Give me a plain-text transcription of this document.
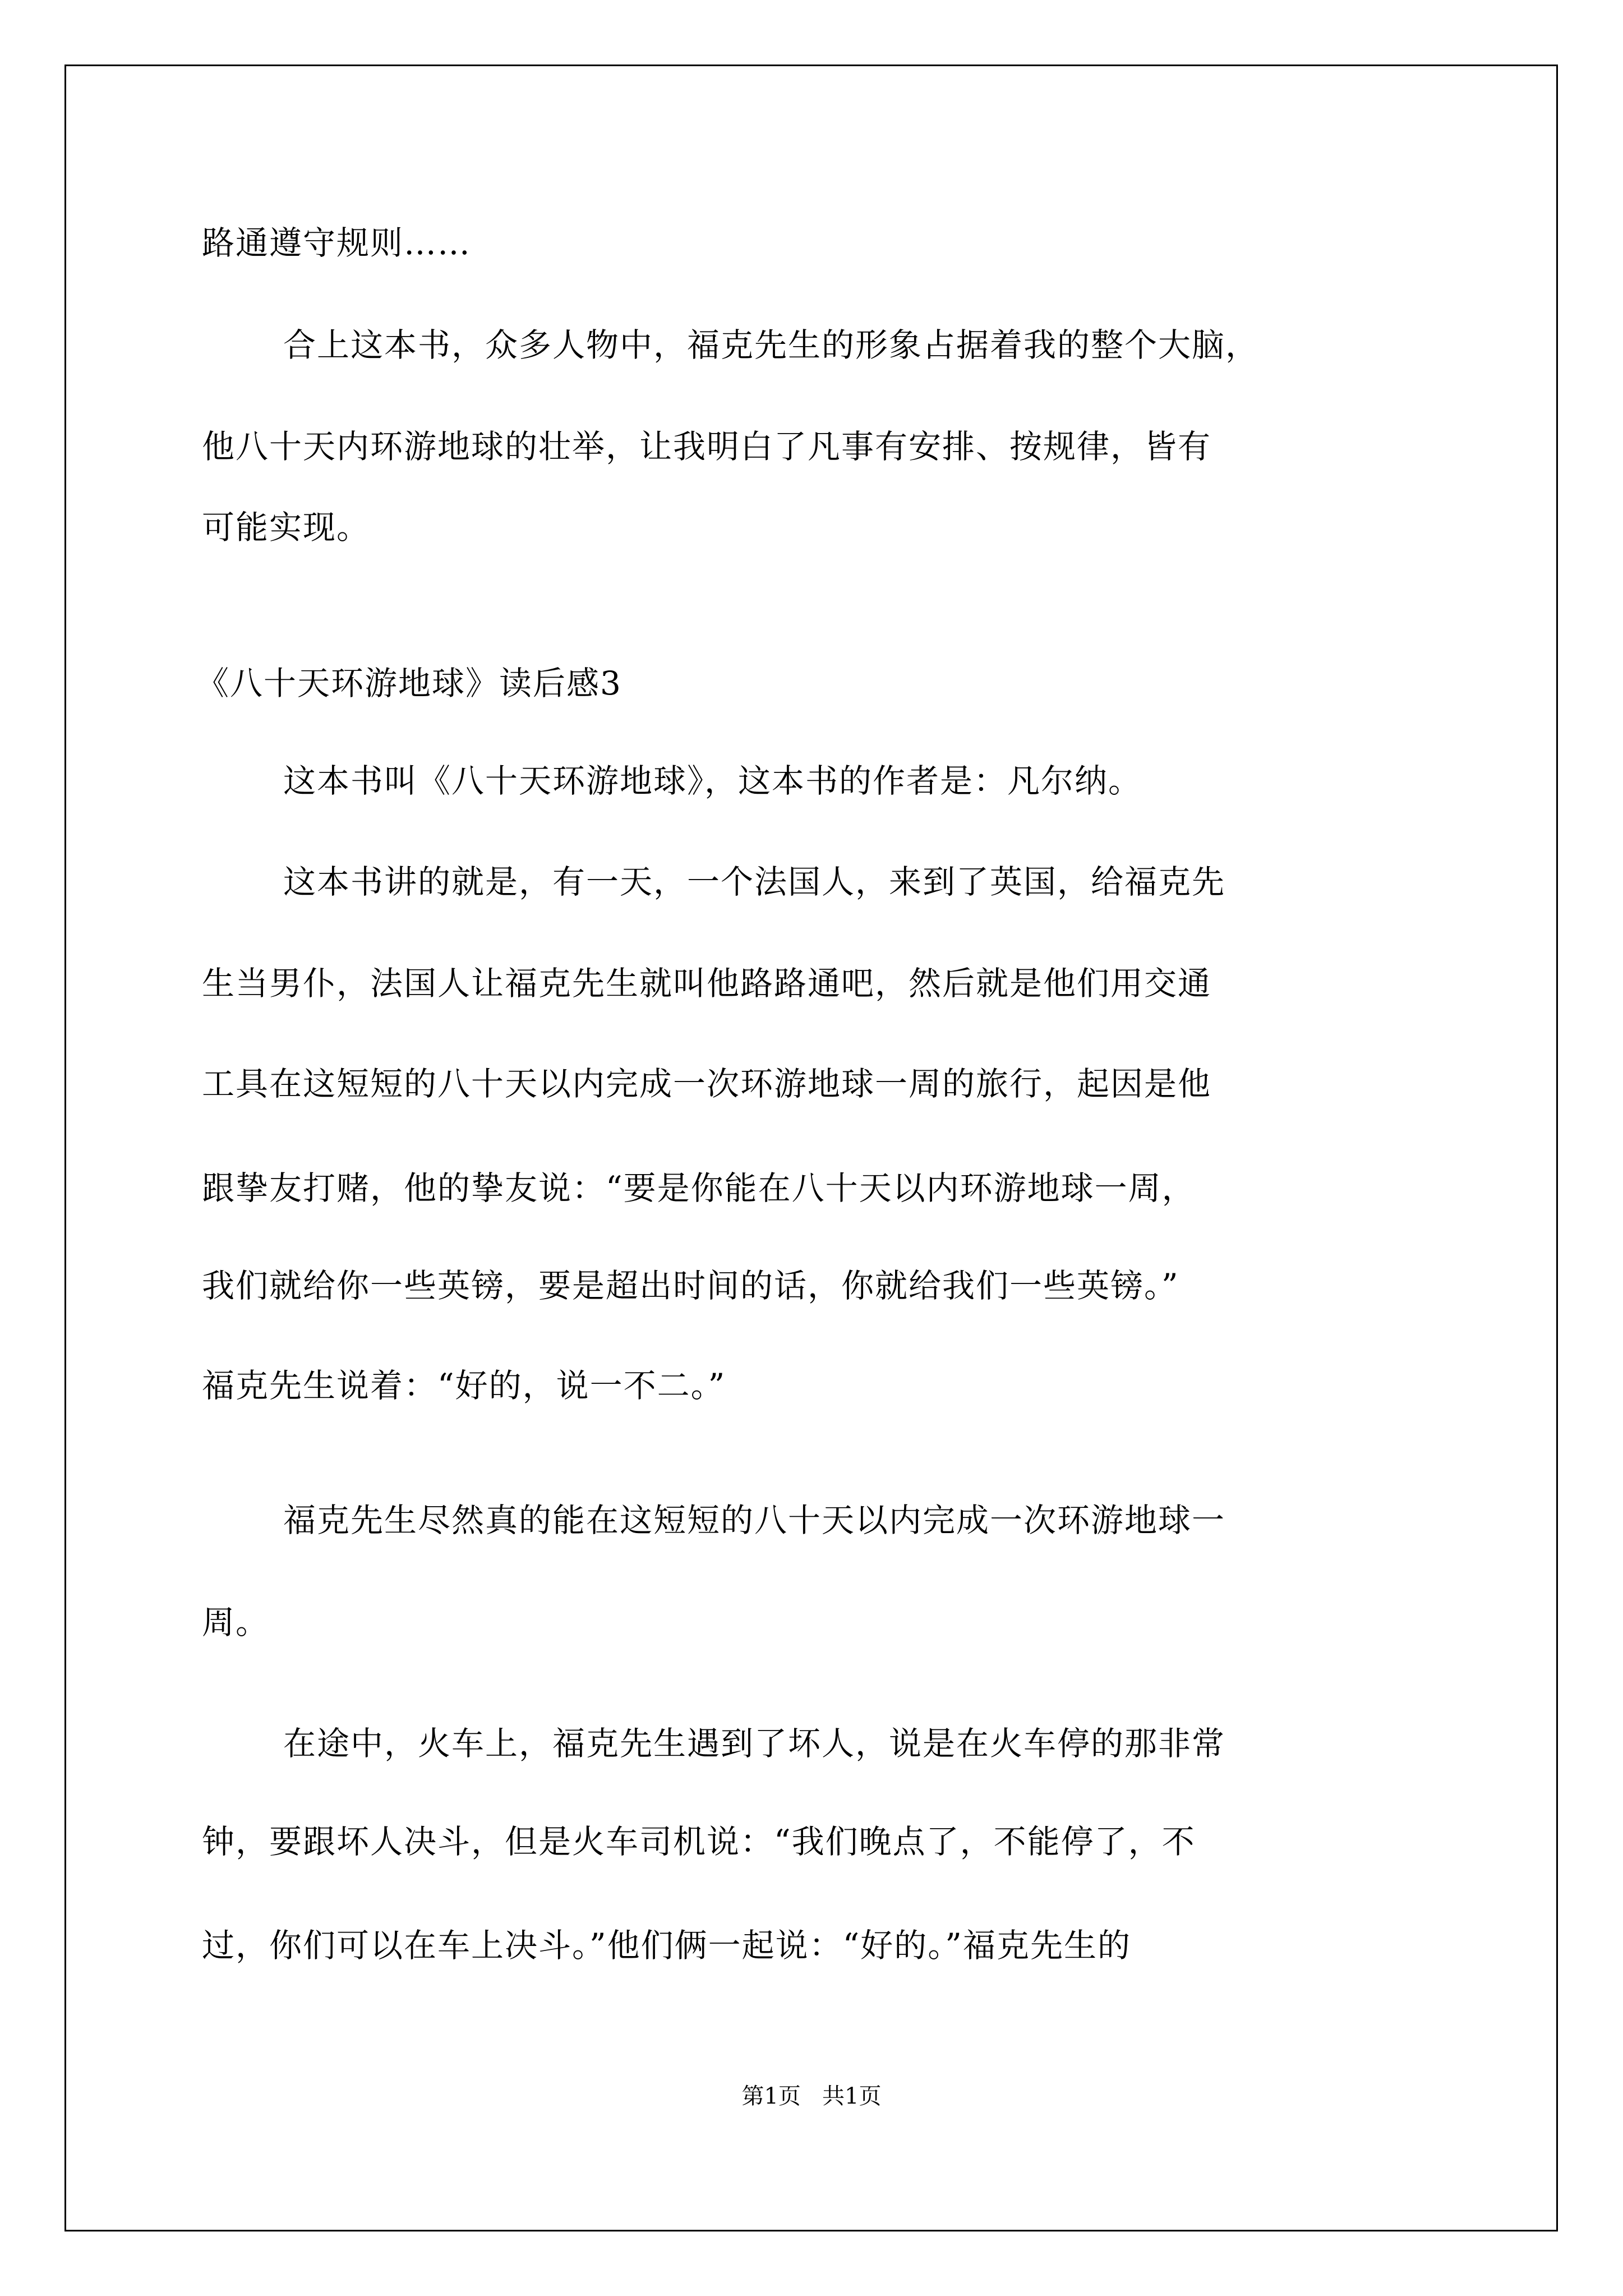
路通遵守规则……
合上这本书，众多人物中，福克先生的形象占据着我的整个大脑，
他八十天内环游地球的壮举，让我明白了凡事有安排、按规律，皆有
可能实现。
《八十天环游地球》读后感3
这本书叫《八十天环游地球》，这本书的作者是：凡尔纳。
这本书讲的就是，有一天，一个法国人，来到了英国，给福克先
生当男仆，法国人让福克先生就叫他路路通吧，然后就是他们用交通
工具在这短短的八十天以内完成一次环游地球一周的旅行，起因是他
跟挚友打赌，他的挚友说：“要是你能在八十天以内环游地球一周，
我们就给你一些英镑，要是超出时间的话，你就给我们一些英镑。”
福克先生说着：“好的，说一不二。”
福克先生尽然真的能在这短短的八十天以内完成一次环游地球一
周。
在途中，火车上，福克先生遇到了坏人，说是在火车停的那非常
钟，要跟坏人决斗，但是火车司机说：“我们晚点了，不能停了，不
过，你们可以在车上决斗。”他们俩一起说：“好的。”福克先生的
第1页   共1页
